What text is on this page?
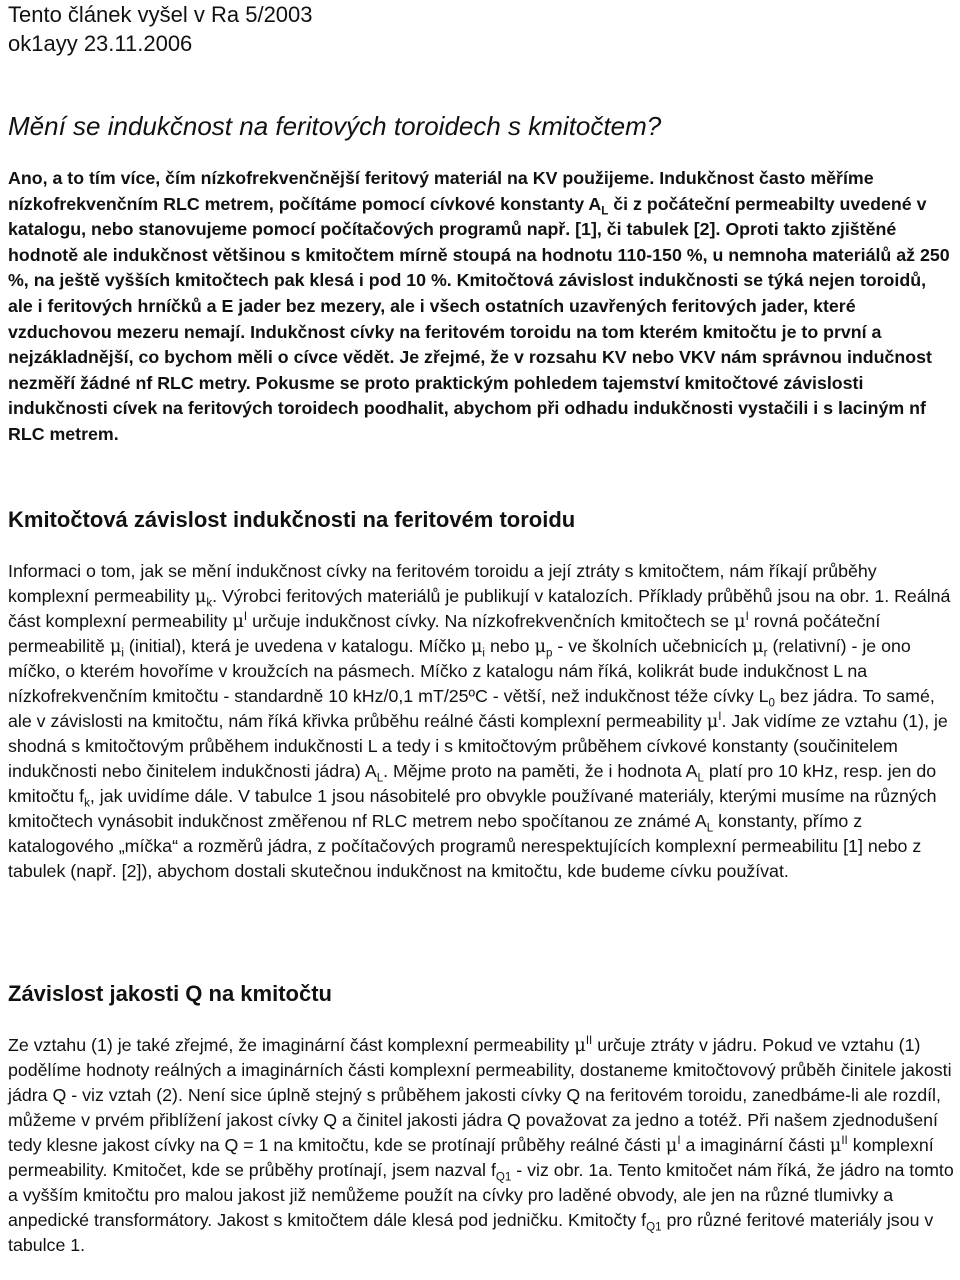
Tento článek vyšel v Ra 5/2003
ok1ayy 23.11.2006
Mění se indukčnost na feritových toroidech s kmitočtem?
Ano, a to tím více, čím nízkofrekvenčnější feritový materiál na KV použijeme. Indukčnost často měříme nízkofrekvenčním RLC metrem, počítáme pomocí cívkové konstanty $A_L$ či z počáteční permeabilty uvedené v katalogu, nebo stanovujeme pomocí počítačových programů např. [1], či tabulek [2]. Oproti takto zjištěné hodnotě ale indukčnost většinou s kmitočtem mírně stoupá na hodnotu 110-150 %, u nemnoha materiálů až 250 %, na ještě vyšších kmitočtech pak klesá i pod 10 %. Kmitočtová závislost indukčnosti se týká nejen toroidů, ale i feritových hrníčků a E jader bez mezery, ale i všech ostatních uzavřených feritových jader, které vzduchovou mezeru nemají. Indukčnost cívky na feritovém toroidu na tom kterém kmitočtu je to první a nejzákladnější, co bychom měli o cívce vědět. Je zřejmé, že v rozsahu KV nebo VKV nám správnou indučnost nezměří žádné nf RLC metry. Pokusme se proto praktickým pohledem tajemství kmitočtové závislosti indukčnosti cívek na feritových toroidech poodhalit, abychom při odhadu indukčnosti vystačili i s laciným nf RLC metrem.
Kmitočtová závislost indukčnosti na feritovém toroidu
Informaci o tom, jak se mění indukčnost cívky na feritovém toroidu a její ztráty s kmitočtem, nám říkají průběhy komplexní permeability $\mu_k$. Výrobci feritových materiálů je publikují v katalozích. Příklady průběhů jsou na obr. 1. Reálná část komplexní permeability $\mu^I$ určuje indukčnost cívky. Na nízkofrekvenčních kmitočtech se $\mu^I$ rovná počáteční permeabilitě $\mu_i$ (initial), která je uvedena v katalogu. Míčko $\mu_i$ nebo $\mu_p$ - ve školních učebnicích $\mu_r$ (relativní) - je ono míčko, o kterém hovoříme v kroužcích na pásmech. Míčko z katalogu nám říká, kolikrát bude indukčnost L na nízkofrekvenčním kmitočtu - standardně 10 kHz/0,1 mT/25ºC - větší, než indukčnost téže cívky $L_0$ bez jádra. To samé, ale v závislosti na kmitočtu, nám říká křivka průběhu reálné části komplexní permeability $\mu^I$. Jak vidíme ze vztahu (1), je shodná s kmitočtovým průběhem indukčnosti L a tedy i s kmitočtovým průběhem cívkové konstanty (součinitelem indukčnosti nebo činitelem indukčnosti jádra) $A_L$. Mějme proto na paměti, že i hodnota $A_L$ platí pro 10 kHz, resp. jen do kmitočtu $f_k$, jak uvidíme dále. V tabulce 1 jsou násobitelé pro obvykle používané materiály, kterými musíme na různých kmitočtech vynásobit indukčnost změřenou nf RLC metrem nebo spočítanou ze známé $A_L$ konstanty, přímo z katalogového „míčka“ a rozměrů jádra, z počítačových programů nerespektujících komplexní permeabilitu [1] nebo z tabulek (např. [2]), abychom dostali skutečnou indukčnost na kmitočtu, kde budeme cívku používat.
Závislost jakosti Q na kmitočtu
Ze vztahu (1) je také zřejmé, že imaginární část komplexní permeability $\mu^{II}$ určuje ztráty v jádru. Pokud ve vztahu (1) podělíme hodnoty reálných a imaginárních části komplexní permeability, dostaneme kmitočtovový průběh činitele jakosti jádra Q - viz vztah (2). Není sice úplně stejný s průběhem jakosti cívky Q na feritovém toroidu, zanedbáme-li ale rozdíl, můžeme v prvém přiblížení jakost cívky Q a činitel jakosti jádra Q považovat za jedno a totéž. Při našem zjednodušení tedy klesne jakost cívky na Q = 1 na kmitočtu, kde se protínají průběhy reálné části $\mu^I$ a imaginární části $\mu^{II}$ komplexní permeability. Kmitočet, kde se průběhy protínají, jsem nazval $f_{Q1}$ - viz obr. 1a. Tento kmitočet nám říká, že jádro na tomto a vyšším kmitočtu pro malou jakost již nemůžeme použít na cívky pro laděné obvody, ale jen na různé tlumivky a anpedické transformátory. Jakost s kmitočtem dále klesá pod jedničku. Kmitočty $f_{Q1}$ pro různé feritové materiály jsou v tabulce 1.
